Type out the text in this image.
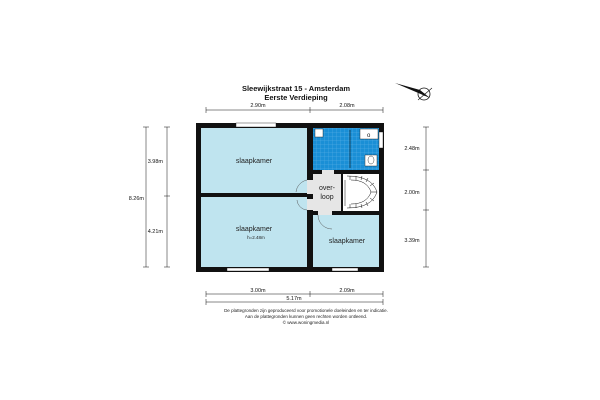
Sleewijkstraat 15 - Amsterdam
Eerste Verdieping	N
2.90m	2.08m
3.98m
8.26m
4.21m
2.48m
2.00m
3.39m
o
slaapkamer
slaapkamer
h=2.48m
slaapkamer
over-
loop
3.00m	2.09m
5.17m
De plattegronden zijn geproduceerd voor promotionele doeleinden en ter indicatie.
Aan de plattegronden kunnen geen rechten worden ontleend.
© www.woningmedia.nl
